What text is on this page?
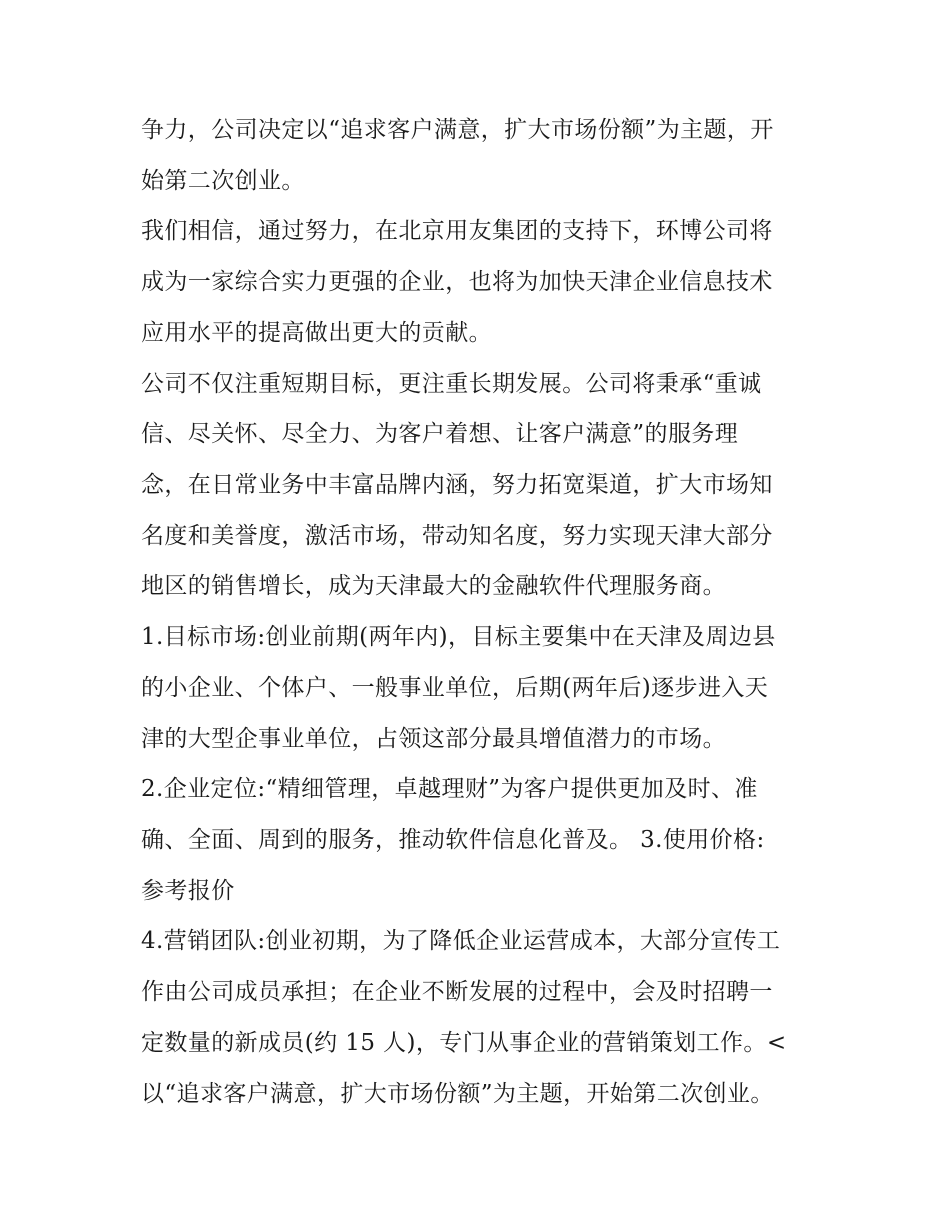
争力，公司决定以“追求客户满意，扩大市场份额”为主题，开
始第二次创业。
我们相信，通过努力，在北京用友集团的支持下，环博公司将
成为一家综合实力更强的企业，也将为加快天津企业信息技术
应用水平的提高做出更大的贡献。
公司不仅注重短期目标，更注重长期发展。公司将秉承“重诚
信、尽关怀、尽全力、为客户着想、让客户满意”的服务理
念，在日常业务中丰富品牌内涵，努力拓宽渠道，扩大市场知
名度和美誉度，激活市场，带动知名度，努力实现天津大部分
地区的销售增长，成为天津最大的金融软件代理服务商。
1.目标市场:创业前期(两年内)，目标主要集中在天津及周边县
的小企业、个体户、一般事业单位，后期(两年后)逐步进入天
津的大型企事业单位，占领这部分最具增值潜力的市场。
2.企业定位:“精细管理，卓越理财”为客户提供更加及时、准
确、全面、周到的服务，推动软件信息化普及。 3.使用价格:
参考报价
4.营销团队:创业初期，为了降低企业运营成本，大部分宣传工
作由公司成员承担；在企业不断发展的过程中，会及时招聘一
定数量的新成员(约 15 人)，专门从事企业的营销策划工作。<
以“追求客户满意，扩大市场份额”为主题，开始第二次创业。
